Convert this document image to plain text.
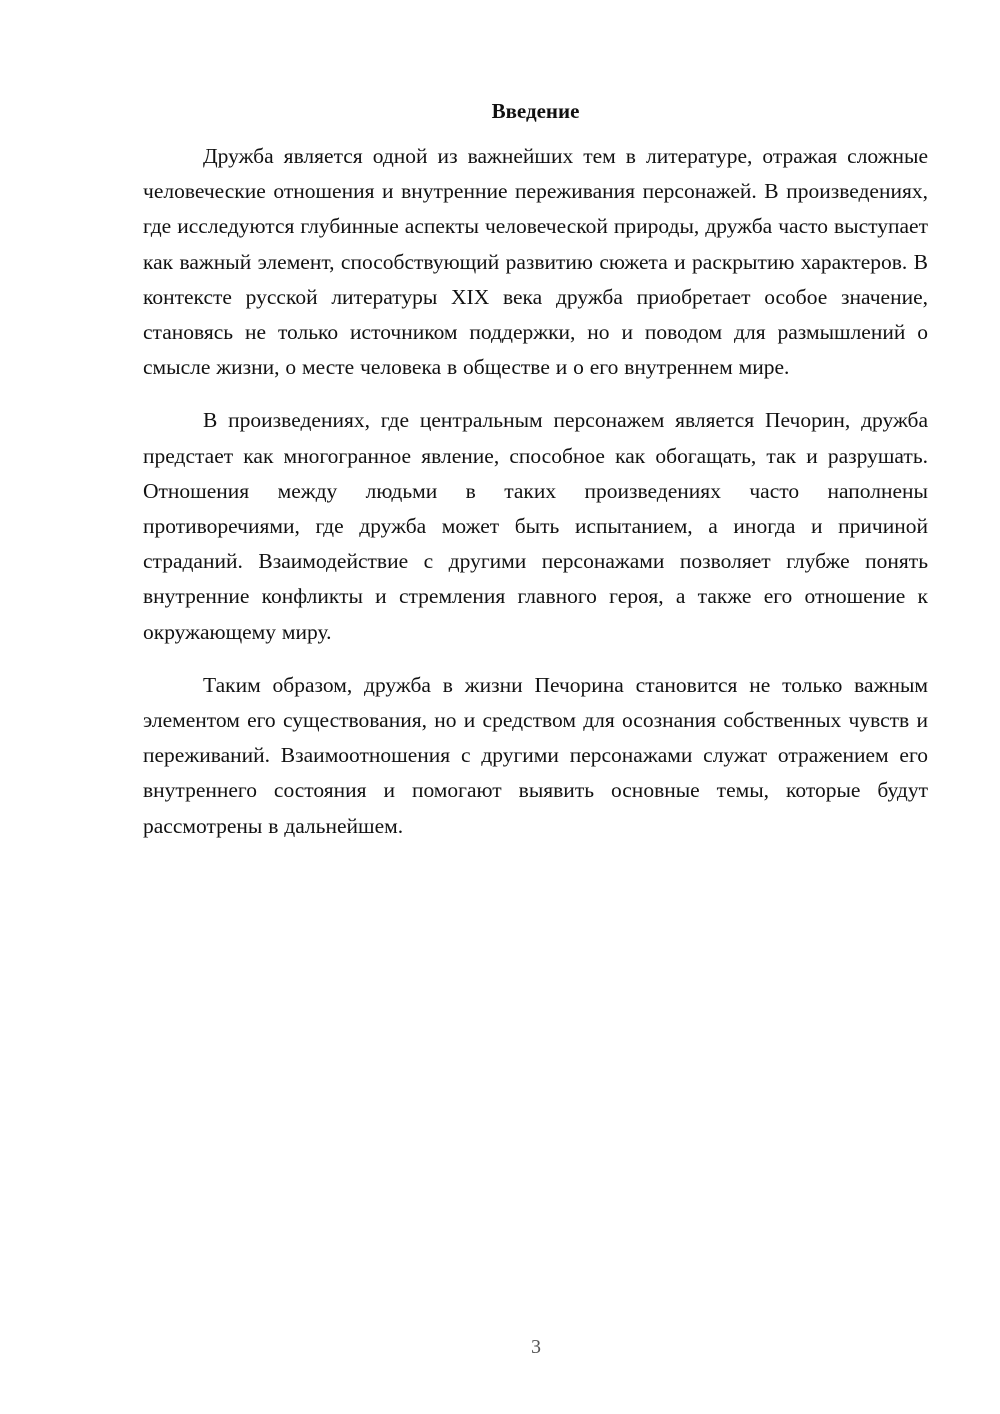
Введение

Дружба является одной из важнейших тем в литературе, отражая сложные человеческие отношения и внутренние переживания персонажей. В произведениях, где исследуются глубинные аспекты человеческой природы, дружба часто выступает как важный элемент, способствующий развитию сюжета и раскрытию характеров. В контексте русской литературы XIX века дружба приобретает особое значение, становясь не только источником поддержки, но и поводом для размышлений о смысле жизни, о месте человека в обществе и о его внутреннем мире.

В произведениях, где центральным персонажем является Печорин, дружба предстает как многогранное явление, способное как обогащать, так и разрушать. Отношения между людьми в таких произведениях часто наполнены противоречиями, где дружба может быть испытанием, а иногда и причиной страданий. Взаимодействие с другими персонажами позволяет глубже понять внутренние конфликты и стремления главного героя, а также его отношение к окружающему миру.

Таким образом, дружба в жизни Печорина становится не только важным элементом его существования, но и средством для осознания собственных чувств и переживаний. Взаимоотношения с другими персонажами служат отражением его внутреннего состояния и помогают выявить основные темы, которые будут рассмотрены в дальнейшем.

3
